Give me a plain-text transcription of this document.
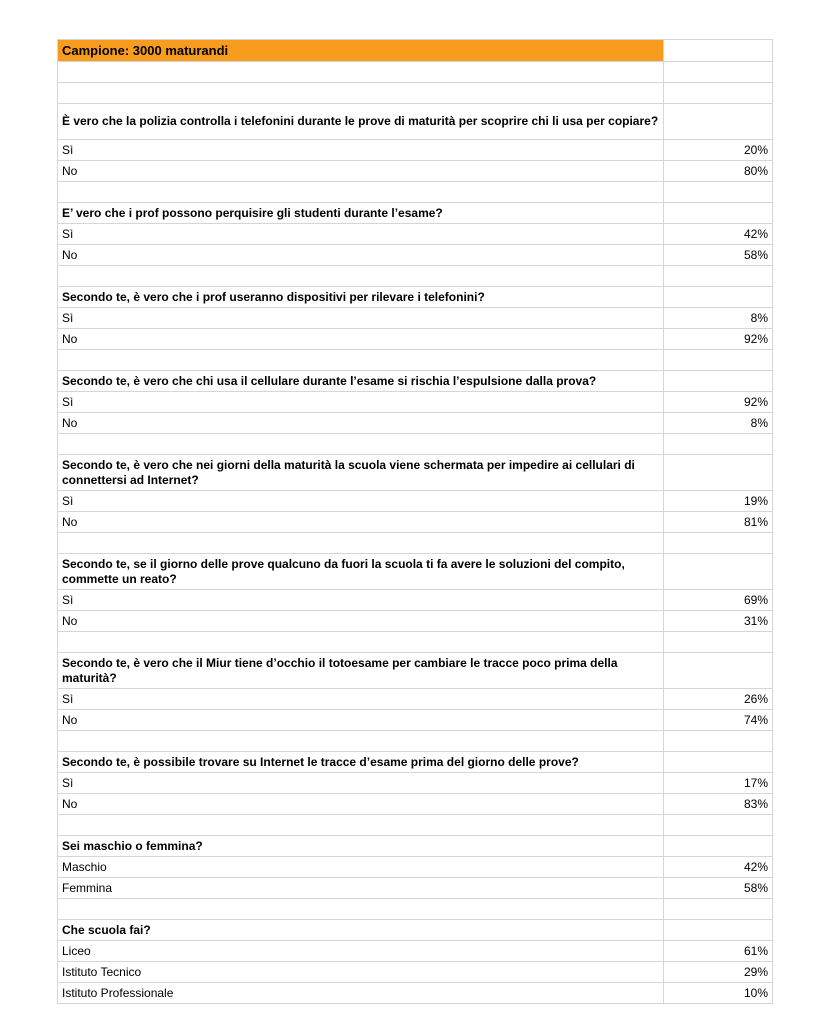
Campione: 3000 maturandi	

È vero che la polizia controlla i telefonini durante le prove di maturità per scoprire chi li usa per copiare?	
Sì	20%
No	80%

E’ vero che i prof possono perquisire gli studenti durante l’esame?	
Sì	42%
No	58%

Secondo te, è vero che i prof useranno dispositivi per rilevare i telefonini?	
Sì	8%
No	92%

Secondo te, è vero che chi usa il cellulare durante l’esame si rischia l’espulsione dalla prova?	
Sì	92%
No	8%

Secondo te, è vero che nei giorni della maturità la scuola viene schermata per impedire ai cellulari di connettersi ad Internet?	
Sì	19%
No	81%

Secondo te, se il giorno delle prove qualcuno da fuori la scuola ti fa avere le soluzioni del compito, commette un reato?	
Sì	69%
No	31%

Secondo te, è vero che il Miur tiene d’occhio il totoesame per cambiare le tracce poco prima della maturità?	
Sì	26%
No	74%

Secondo te, è possibile trovare su Internet le tracce d’esame prima del giorno delle prove?	
Sì	17%
No	83%

Sei maschio o femmina?	
Maschio	42%
Femmina	58%

Che scuola fai?	
Liceo	61%
Istituto Tecnico	29%
Istituto Professionale	10%
